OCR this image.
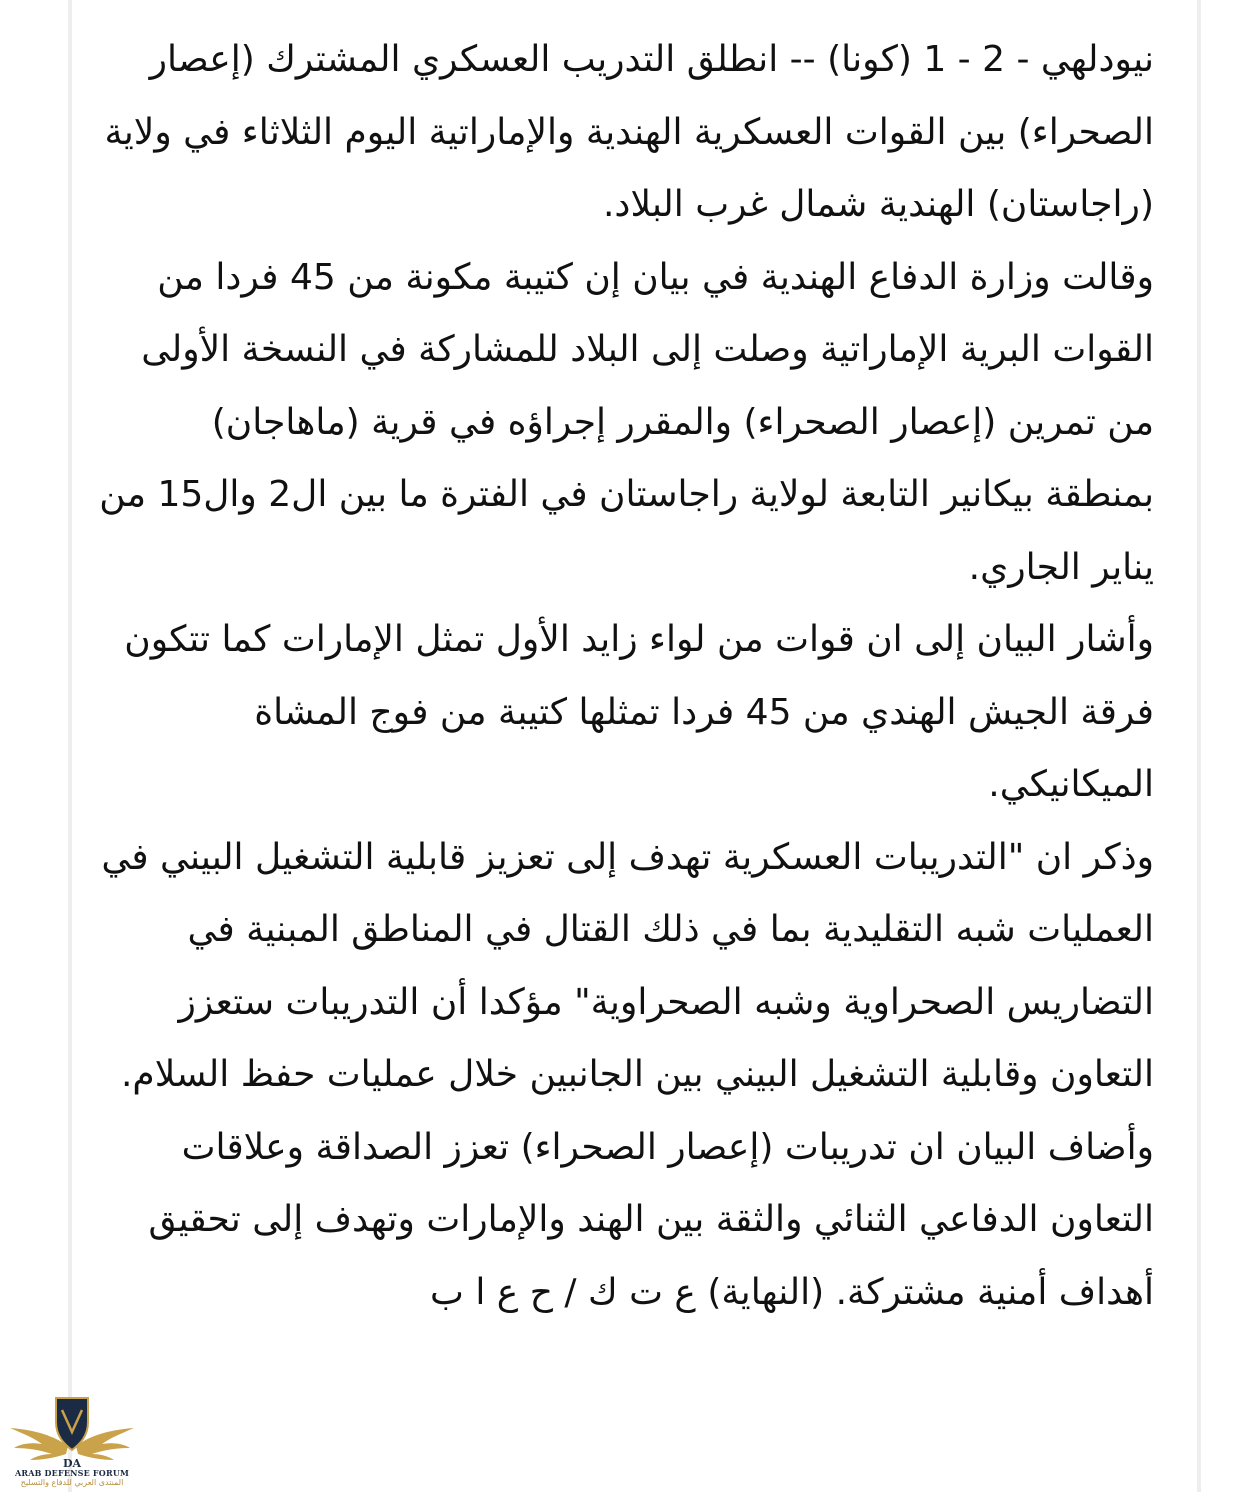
نيودلهي - 2 - 1 (كونا) -- انطلق التدريب العسكري المشترك (إعصار الصحراء) بين القوات العسكرية الهندية والإماراتية اليوم الثلاثاء في ولاية (راجاستان) الهندية شمال غرب البلاد.

وقالت وزارة الدفاع الهندية في بيان إن كتيبة مكونة من 45 فردا من القوات البرية الإماراتية وصلت إلى البلاد للمشاركة في النسخة الأولى من تمرين (إعصار الصحراء) والمقرر إجراؤه في قرية (ماهاجان) بمنطقة بيكانير التابعة لولاية راجاستان في الفترة ما بين ال2 وال15 من يناير الجاري.

وأشار البيان إلى ان قوات من لواء زايد الأول تمثل الإمارات كما تتكون فرقة الجيش الهندي من 45 فردا تمثلها كتيبة من فوج المشاة الميكانيكي.

وذكر ان "التدريبات العسكرية تهدف إلى تعزيز قابلية التشغيل البيني في العمليات شبه التقليدية بما في ذلك القتال في المناطق المبنية في التضاريس الصحراوية وشبه الصحراوية" مؤكدا أن التدريبات ستعزز التعاون وقابلية التشغيل البيني بين الجانبين خلال عمليات حفظ السلام.

وأضاف البيان ان تدريبات (إعصار الصحراء) تعزز الصداقة وعلاقات التعاون الدفاعي الثنائي والثقة بين الهند والإمارات وتهدف إلى تحقيق أهداف أمنية مشتركة. (النهاية) ع ت ك / ح ع ا ب

DA
ARAB DEFENSE FORUM
المنتدى العربي للدفاع والتسليح
